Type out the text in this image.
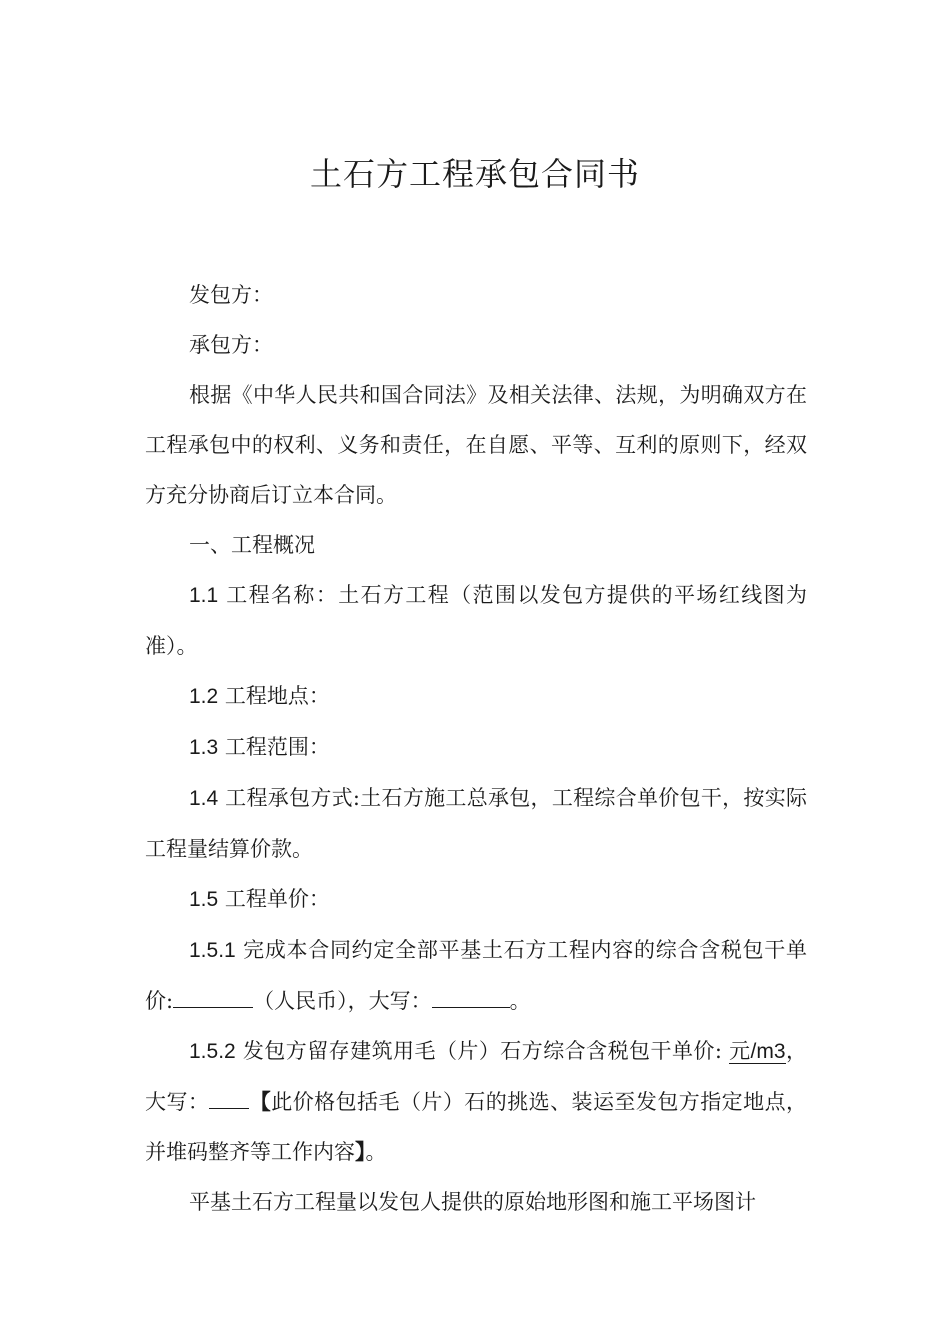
土石方工程承包合同书

发包方：

承包方：

根据《中华人民共和国合同法》及相关法律、法规，为明确双方在工程承包中的权利、义务和责任，在自愿、平等、互利的原则下，经双方充分协商后订立本合同。

一、工程概况

1.1 工程名称：土石方工程（范围以发包方提供的平场红线图为准）。

1.2 工程地点：

1.3 工程范围：

1.4 工程承包方式:土石方施工总承包，工程综合单价包干，按实际工程量结算价款。

1.5 工程单价：

1.5.1 完成本合同约定全部平基土石方工程内容的综合含税包干单价:	（人民币），大写：	。

1.5.2 发包方留存建筑用毛（片）石方综合含税包干单价: 元/m3，大写： 【此价格包括毛（片）石的挑选、装运至发包方指定地点，并堆码整齐等工作内容】。

平基土石方工程量以发包人提供的原始地形图和施工平场图计
